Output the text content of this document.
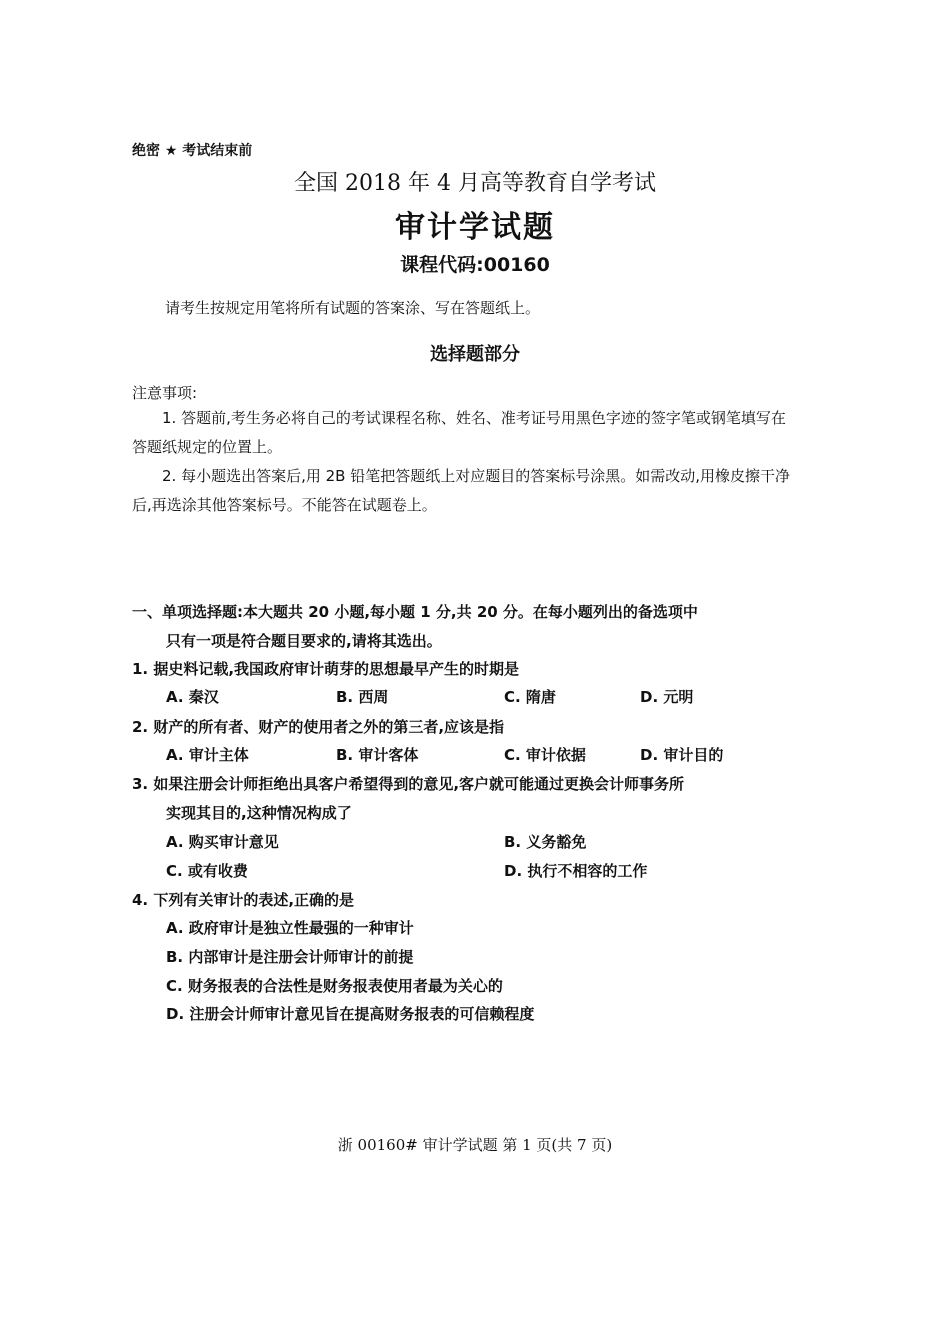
绝密 ★ 考试结束前
全国 2018 年 4 月高等教育自学考试
审计学试题
课程代码:00160
请考生按规定用笔将所有试题的答案涂、写在答题纸上。
选择题部分
注意事项:
1. 答题前,考生务必将自己的考试课程名称、姓名、准考证号用黑色字迹的签字笔或钢笔填写在答题纸规定的位置上。
2. 每小题选出答案后,用 2B 铅笔把答题纸上对应题目的答案标号涂黑。如需改动,用橡皮擦干净后,再选涂其他答案标号。不能答在试题卷上。
一、单项选择题:本大题共 20 小题,每小题 1 分,共 20 分。在每小题列出的备选项中
只有一项是符合题目要求的,请将其选出。
1. 据史料记载,我国政府审计萌芽的思想最早产生的时期是
A. 秦汉	B. 西周	C. 隋唐	D. 元明
2. 财产的所有者、财产的使用者之外的第三者,应该是指
A. 审计主体	B. 审计客体	C. 审计依据	D. 审计目的
3. 如果注册会计师拒绝出具客户希望得到的意见,客户就可能通过更换会计师事务所
实现其目的,这种情况构成了
A. 购买审计意见	B. 义务豁免
C. 或有收费	D. 执行不相容的工作
4. 下列有关审计的表述,正确的是
A. 政府审计是独立性最强的一种审计
B. 内部审计是注册会计师审计的前提
C. 财务报表的合法性是财务报表使用者最为关心的
D. 注册会计师审计意见旨在提高财务报表的可信赖程度
浙 00160# 审计学试题 第 1 页(共 7 页)
